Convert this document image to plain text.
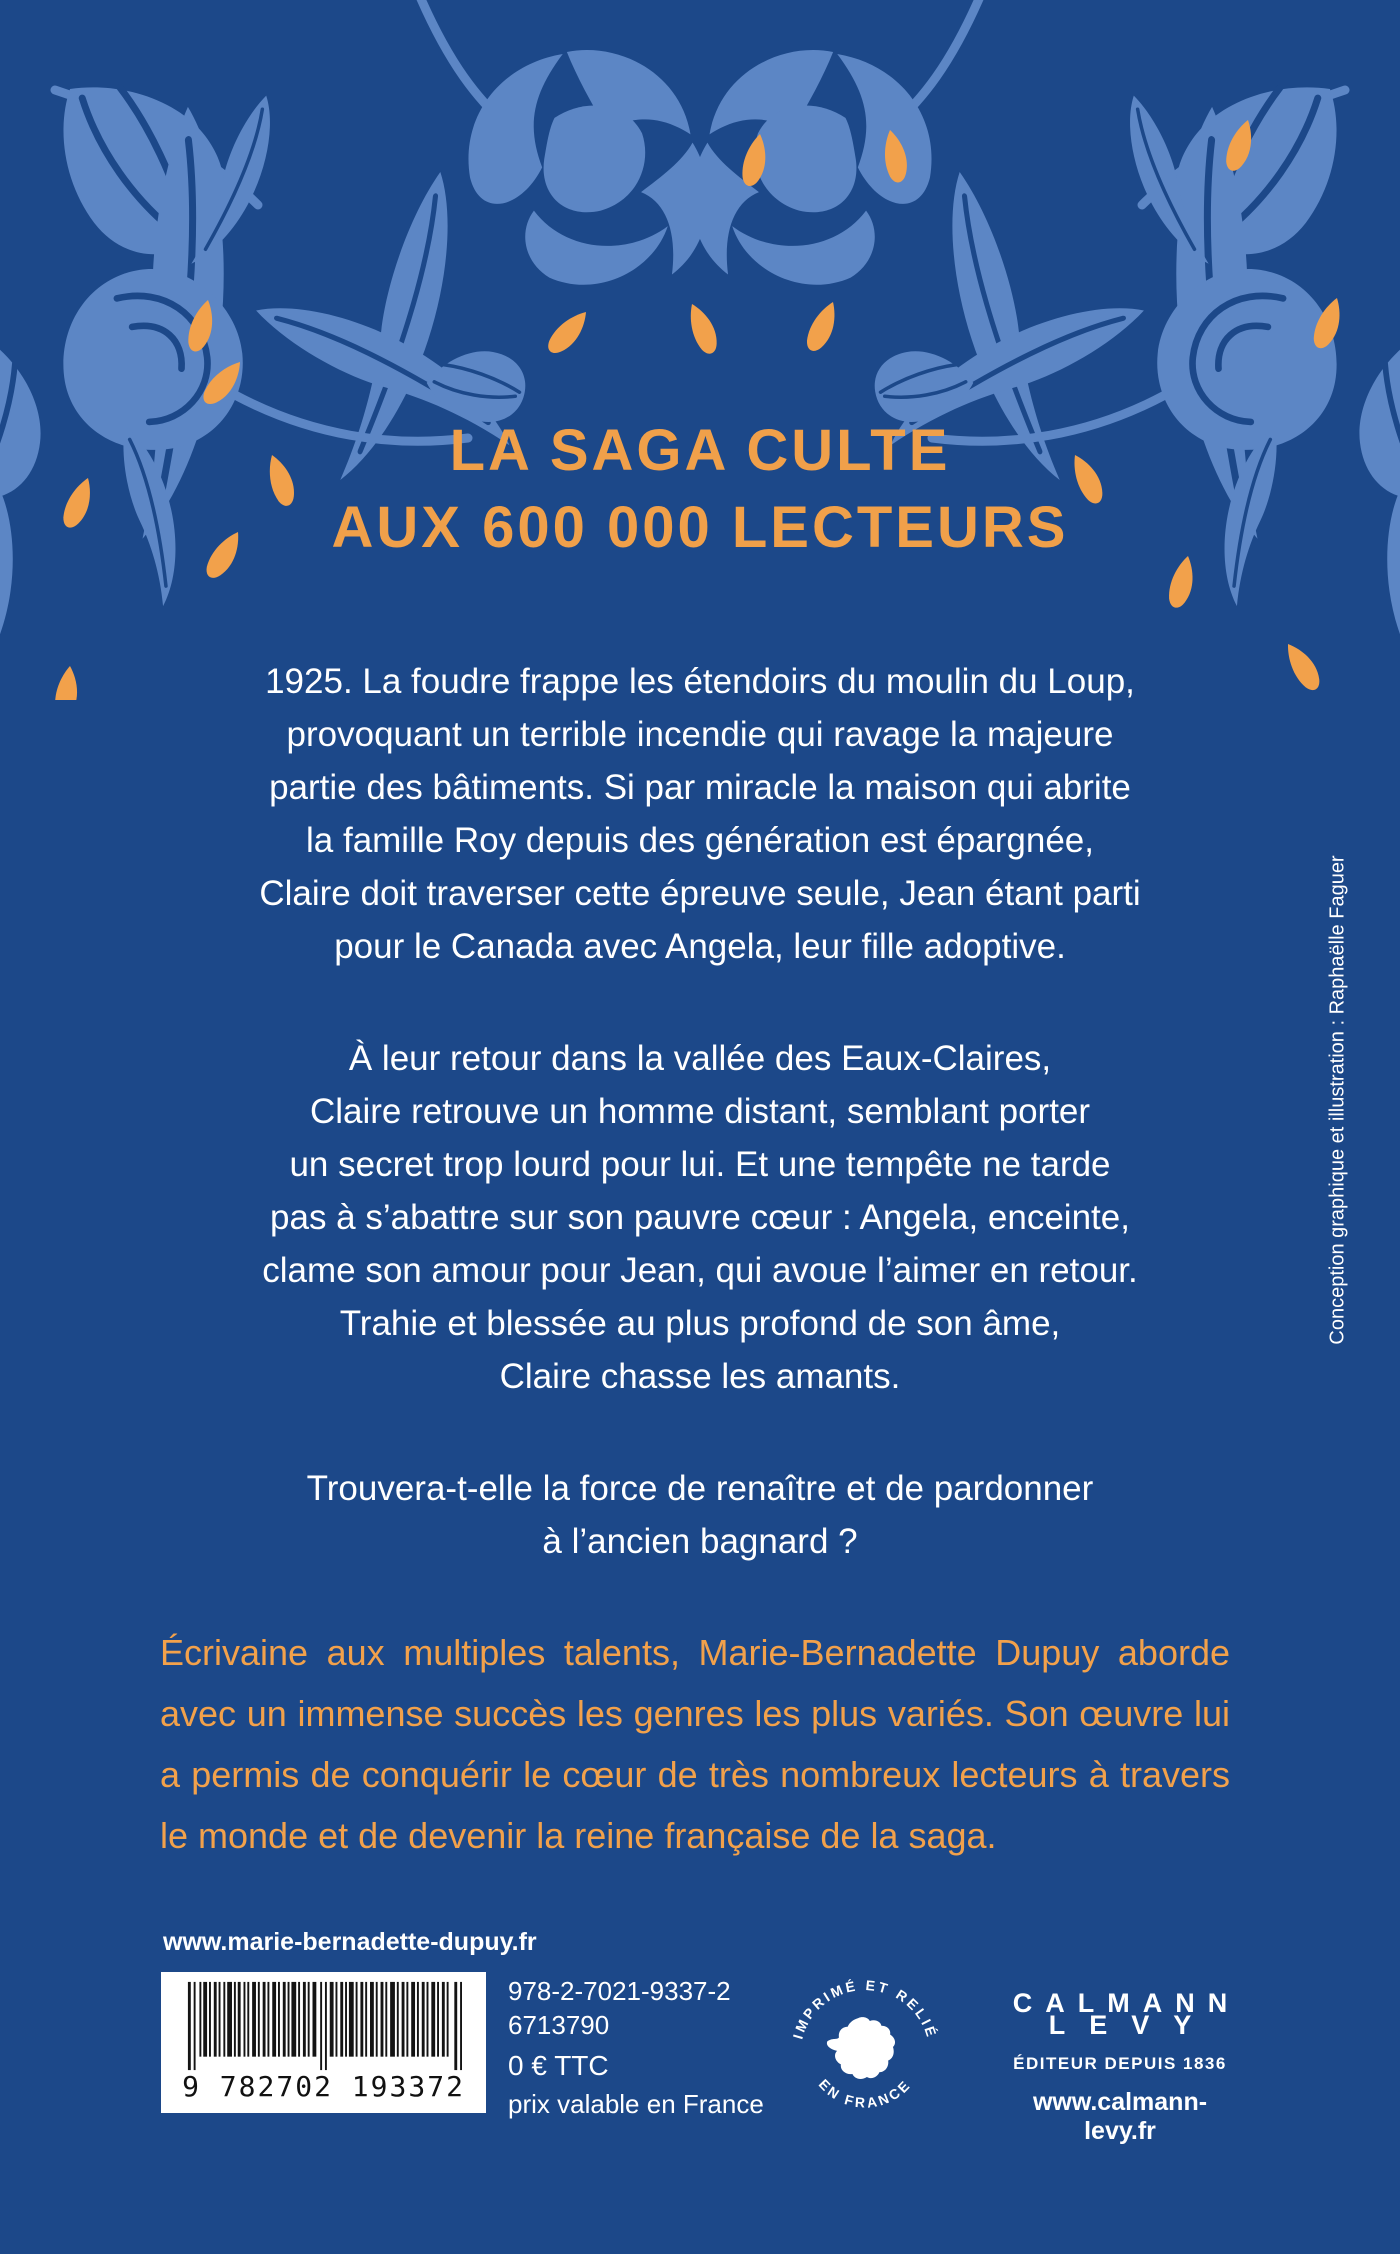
LA SAGA CULTE
AUX 600 000 LECTEURS
1925. La foudre frappe les étendoirs du moulin du Loup,
provoquant un terrible incendie qui ravage la majeure
partie des bâtiments. Si par miracle la maison qui abrite
la famille Roy depuis des génération est épargnée,
Claire doit traverser cette épreuve seule, Jean étant parti
pour le Canada avec Angela, leur fille adoptive.
À leur retour dans la vallée des Eaux-Claires,
Claire retrouve un homme distant, semblant porter
un secret trop lourd pour lui. Et une tempête ne tarde
pas à s’abattre sur son pauvre cœur : Angela, enceinte,
clame son amour pour Jean, qui avoue l’aimer en retour.
Trahie et blessée au plus profond de son âme,
Claire chasse les amants.
Trouvera-t-elle la force de renaître et de pardonner
à l’ancien bagnard ?
Écrivaine aux multiples talents, Marie-Bernadette Dupuy aborde avec un immense succès les genres les plus variés. Son œuvre lui a permis de conquérir le cœur de très nombreux lecteurs à travers le monde et de devenir la reine française de la saga.
Conception graphique et illustration : Raphaëlle Faguer
www.marie-bernadette-dupuy.fr
9 782702 193372
978-2-7021-9337-2
6713790
0 € TTC
prix valable en France
IMPRIMÉ ET RELIÉ
EN FRANCE
CALMANN
LEVY
ÉDITEUR DEPUIS 1836
www.calmann-levy.fr
